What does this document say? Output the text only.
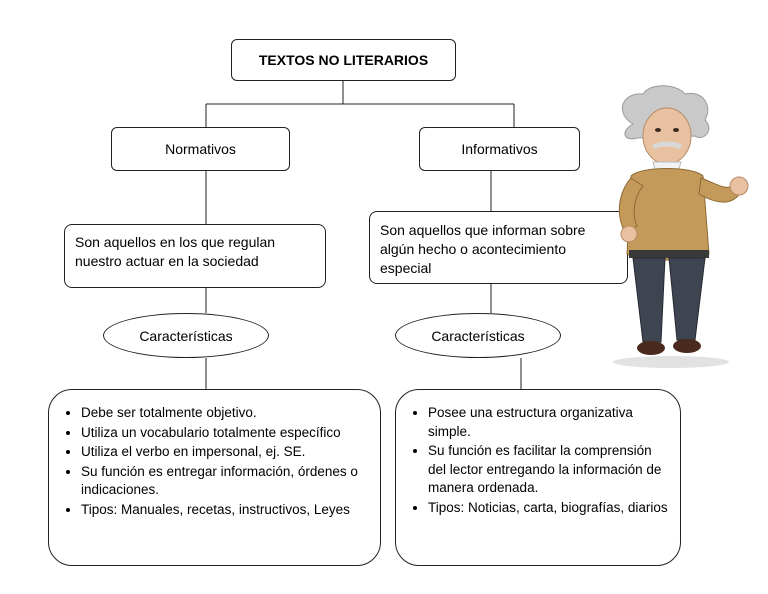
TEXTOS NO LITERARIOS
Normativos	Informativos
Son aquellos en los que regulan nuestro actuar en la sociedad
Son aquellos que informan sobre algún hecho o acontecimiento especial
Características	Características
• Debe ser totalmente objetivo.
• Utiliza un vocabulario totalmente específico
• Utiliza el verbo en impersonal, ej. SE.
• Su función es entregar información, órdenes o indicaciones.
• Tipos: Manuales, recetas, instructivos, Leyes
• Posee una estructura organizativa simple.
• Su función es facilitar la comprensión del lector entregando la información de manera ordenada.
• Tipos: Noticias, carta, biografías, diarios
